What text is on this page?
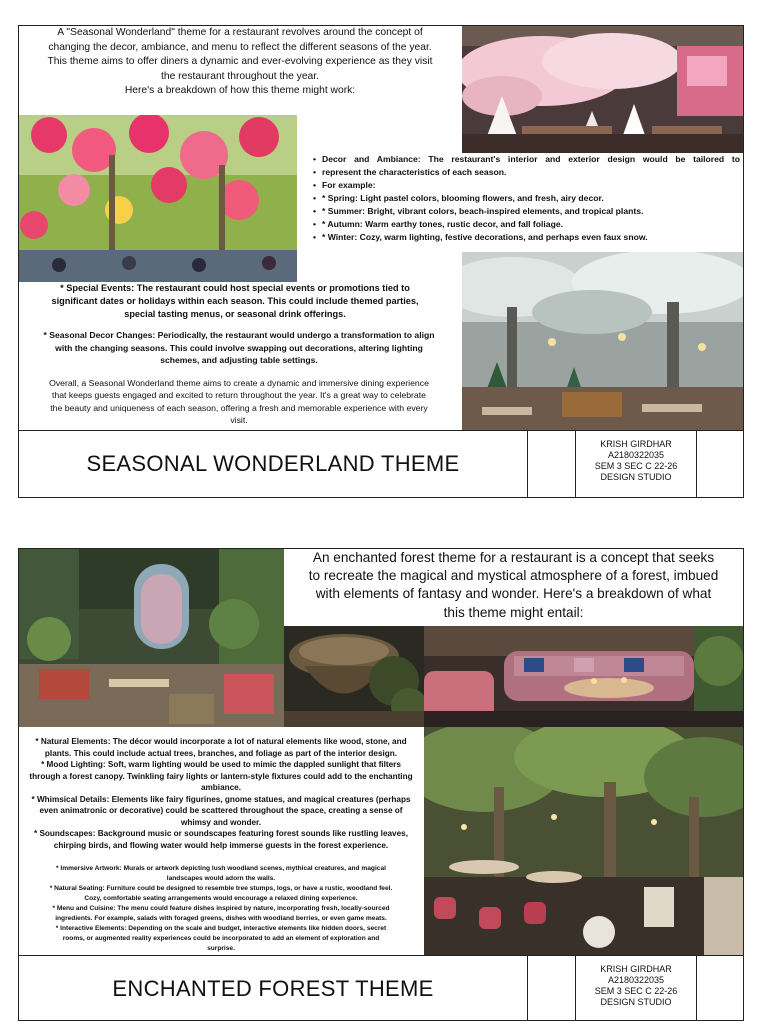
A "Seasonal Wonderland" theme for a restaurant revolves around the concept of
changing the decor, ambiance, and menu to reflect the different seasons of the year.
This theme aims to offer diners a dynamic and ever-evolving experience as they visit
the restaurant throughout the year.
Here's a breakdown of how this theme might work:
• Decor and Ambiance: The restaurant's interior and exterior design would be tailored to
• represent the characteristics of each season.
• For example:
• * Spring: Light pastel colors, blooming flowers, and fresh, airy decor.
• * Summer: Bright, vibrant colors, beach-inspired elements, and tropical plants.
• * Autumn: Warm earthy tones, rustic decor, and fall foliage.
• * Winter: Cozy, warm lighting, festive decorations, and perhaps even faux snow.
* Special Events: The restaurant could host special events or promotions tied to
significant dates or holidays within each season. This could include themed parties,
special tasting menus, or seasonal drink offerings.
* Seasonal Decor Changes: Periodically, the restaurant would undergo a transformation to align
with the changing seasons. This could involve swapping out decorations, altering lighting
schemes, and adjusting table settings.
Overall, a Seasonal Wonderland theme aims to create a dynamic and immersive dining experience
that keeps guests engaged and excited to return throughout the year. It's a great way to celebrate
the beauty and uniqueness of each season, offering a fresh and memorable experience with every
visit.
SEASONAL WONDERLAND THEME
KRISH GIRDHAR
A2180322035
SEM 3 SEC C 22-26
DESIGN STUDIO
An enchanted forest theme for a restaurant is a concept that seeks
to recreate the magical and mystical atmosphere of a forest, imbued
with elements of fantasy and wonder. Here's a breakdown of what
this theme might entail:
* Natural Elements: The décor would incorporate a lot of natural elements like wood, stone, and
plants. This could include actual trees, branches, and foliage as part of the interior design.
* Mood Lighting: Soft, warm lighting would be used to mimic the dappled sunlight that filters
through a forest canopy. Twinkling fairy lights or lantern-style fixtures could add to the enchanting
ambiance.
* Whimsical Details: Elements like fairy figurines, gnome statues, and magical creatures (perhaps
even animatronic or decorative) could be scattered throughout the space, creating a sense of
whimsy and wonder.
* Soundscapes: Background music or soundscapes featuring forest sounds like rustling leaves,
chirping birds, and flowing water would help immerse guests in the forest experience.
* Immersive Artwork: Murals or artwork depicting lush woodland scenes, mythical creatures, and magical
landscapes would adorn the walls.
* Natural Seating: Furniture could be designed to resemble tree stumps, logs, or have a rustic, woodland feel.
Cozy, comfortable seating arrangements would encourage a relaxed dining experience.
* Menu and Cuisine: The menu could feature dishes inspired by nature, incorporating fresh, locally-sourced
ingredients. For example, salads with foraged greens, dishes with woodland berries, or even game meats.
* Interactive Elements: Depending on the scale and budget, interactive elements like hidden doors, secret
rooms, or augmented reality experiences could be incorporated to add an element of exploration and
surprise.
ENCHANTED FOREST THEME
KRISH GIRDHAR
A2180322035
SEM 3 SEC C 22-26
DESIGN STUDIO
